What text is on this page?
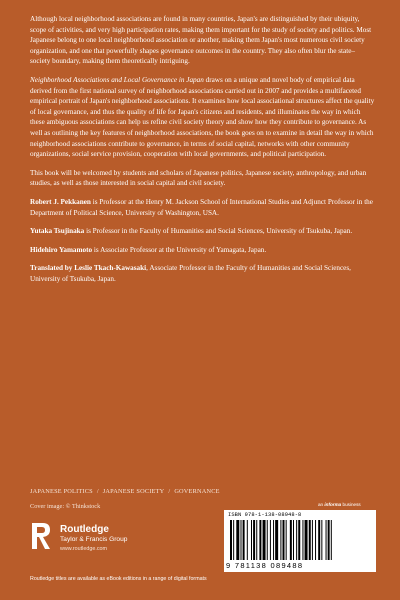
Although local neighborhood associations are found in many countries, Japan's are distinguished by their ubiquity, scope of activities, and very high participation rates, making them important for the study of society and politics. Most Japanese belong to one local neighborhood association or another, making them Japan's most numerous civil society organization, and one that powerfully shapes governance outcomes in the country. They also often blur the state–society boundary, making them theoretically intriguing.

Neighborhood Associations and Local Governance in Japan draws on a unique and novel body of empirical data derived from the first national survey of neighborhood associations carried out in 2007 and provides a multifaceted empirical portrait of Japan's neighborhood associations. It examines how local associational structures affect the quality of local governance, and thus the quality of life for Japan's citizens and residents, and illuminates the way in which these ambiguous associations can help us refine civil society theory and show how they contribute to governance. As well as outlining the key features of neighborhood associations, the book goes on to examine in detail the way in which neighborhood associations contribute to governance, in terms of social capital, networks with other community organizations, social service provision, cooperation with local governments, and political participation.

This book will be welcomed by students and scholars of Japanese politics, Japanese society, anthropology, and urban studies, as well as those interested in social capital and civil society.

Robert J. Pekkanen is Professor at the Henry M. Jackson School of International Studies and Adjunct Professor in the Department of Political Science, University of Washington, USA.

Yutaka Tsujinaka is Professor in the Faculty of Humanities and Social Sciences, University of Tsukuba, Japan.

Hidehiro Yamamoto is Associate Professor at the University of Yamagata, Japan.

Translated by Leslie Tkach-Kawasaki, Associate Professor in the Faculty of Humanities and Social Sciences, University of Tsukuba, Japan.

JAPANESE POLITICS / JAPANESE SOCIETY / GOVERNANCE
Cover image: © Thinkstock
Routledge
Taylor & Francis Group
www.routledge.com
an informa business
ISBN 978-1-138-08948-8
9 781138 089488
Routledge titles are available as eBook editions in a range of digital formats
